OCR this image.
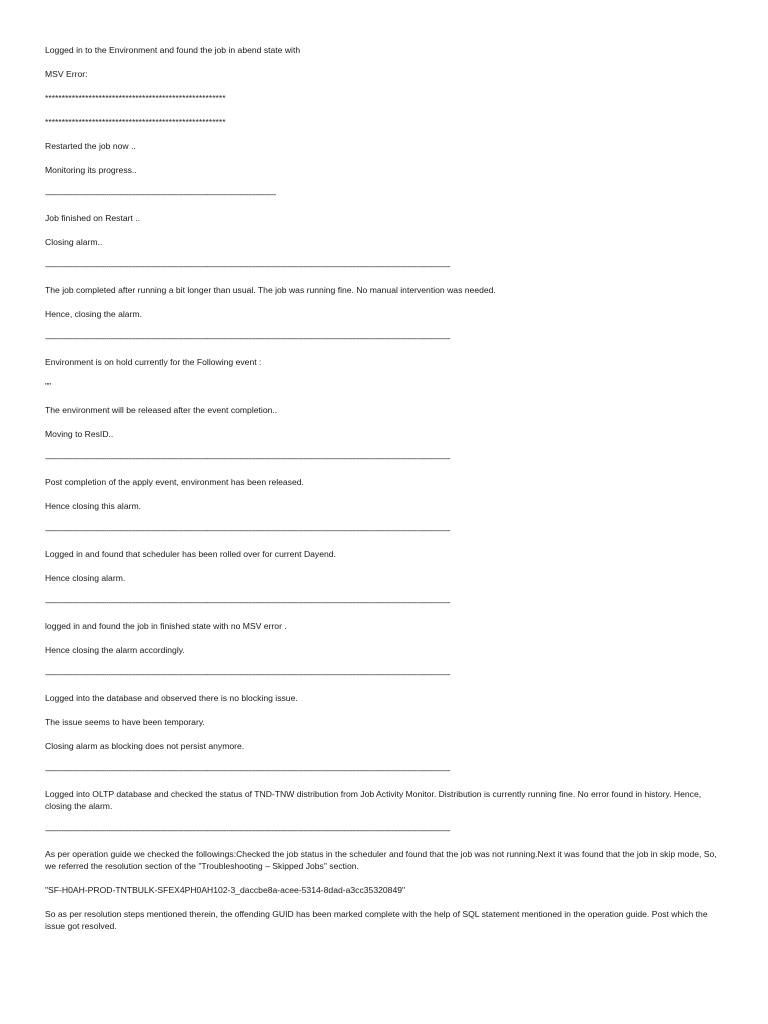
Logged in to the Environment and found the job in abend state with

MSV Error:

******************************************************

******************************************************

Restarted the job now ..

Monitoring its progress..

------------------------------------------------------------------------------------------------------

Job finished on Restart ..

Closing alarm..

-----------------------------------------------------------------------------------------------------------------------------------------------------------------------------------

The job completed after running a bit longer than usual. The job was running fine. No manual intervention was needed.

Hence, closing the alarm.

-----------------------------------------------------------------------------------------------------------------------------------------------------------------------------------

Environment is on hold currently for the Following event :

""

The environment will be released after the event completion..

Moving to ResID..

-----------------------------------------------------------------------------------------------------------------------------------------------------------------------------------

Post completion of the apply event, environment has been released.

Hence closing this alarm.

-----------------------------------------------------------------------------------------------------------------------------------------------------------------------------------

Logged in and found that scheduler has been rolled over for current Dayend.

Hence closing alarm.

-----------------------------------------------------------------------------------------------------------------------------------------------------------------------------------

logged in and found the job in finished state with no MSV error .

Hence closing the alarm accordingly.

-----------------------------------------------------------------------------------------------------------------------------------------------------------------------------------

Logged into the database and observed there is no blocking issue.

The issue seems to have been temporary.

Closing alarm as blocking does not persist anymore.

-----------------------------------------------------------------------------------------------------------------------------------------------------------------------------------

Logged into OLTP database and checked the status of TND-TNW distribution from Job Activity Monitor. Distribution is currently running fine. No error found in history. Hence, closing the alarm.

-----------------------------------------------------------------------------------------------------------------------------------------------------------------------------------

As per operation guide we checked the followings:Checked the job status in the scheduler and found that the job was not running.Next it was found that the job in skip mode, So, we referred the resolution section of the "Troubleshooting – Skipped Jobs" section.

"SF-H0AH-PROD-TNTBULK-SFEX4PH0AH102-3_daccbe8a-acee-5314-8dad-a3cc35320849"

So as per resolution steps mentioned therein, the offending GUID has been marked complete with the help of SQL statement mentioned in the operation guide. Post which the issue got resolved.
